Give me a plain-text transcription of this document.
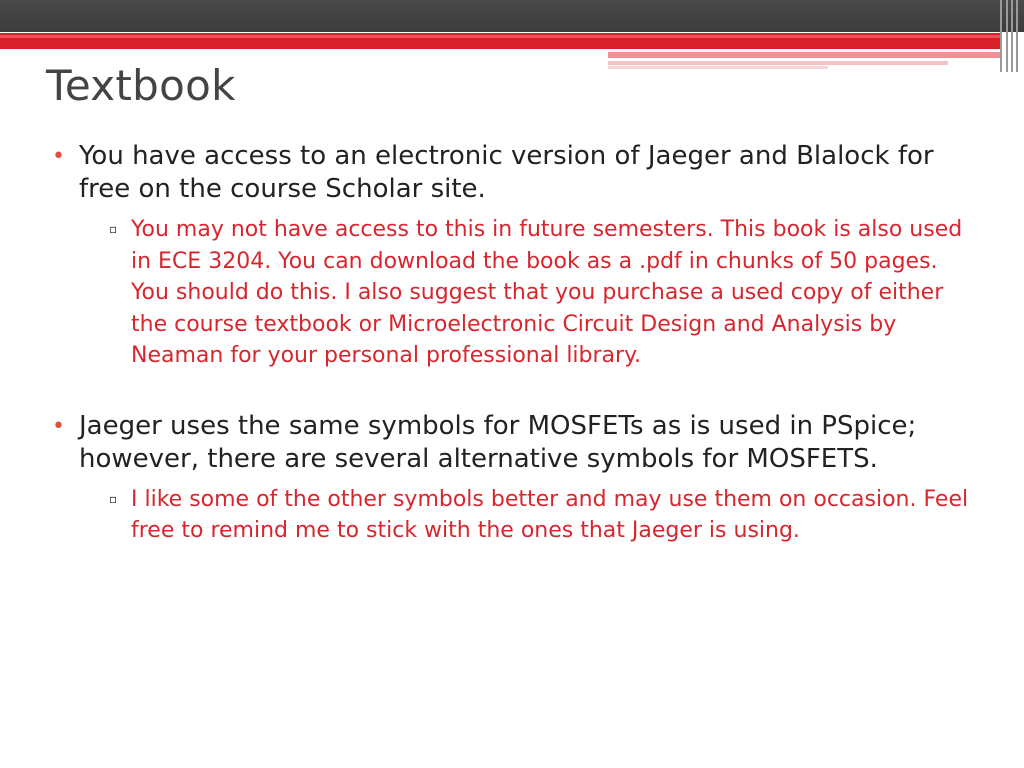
Textbook
• You have access to an electronic version of Jaeger and Blalock for free on the course Scholar site.
▫ You may not have access to this in future semesters. This book is also used in ECE 3204. You can download the book as a .pdf in chunks of 50 pages. You should do this. I also suggest that you purchase a used copy of either the course textbook or Microelectronic Circuit Design and Analysis by Neaman for your personal professional library.
• Jaeger uses the same symbols for MOSFETs as is used in PSpice; however, there are several alternative symbols for MOSFETS.
▫ I like some of the other symbols better and may use them on occasion. Feel free to remind me to stick with the ones that Jaeger is using.
